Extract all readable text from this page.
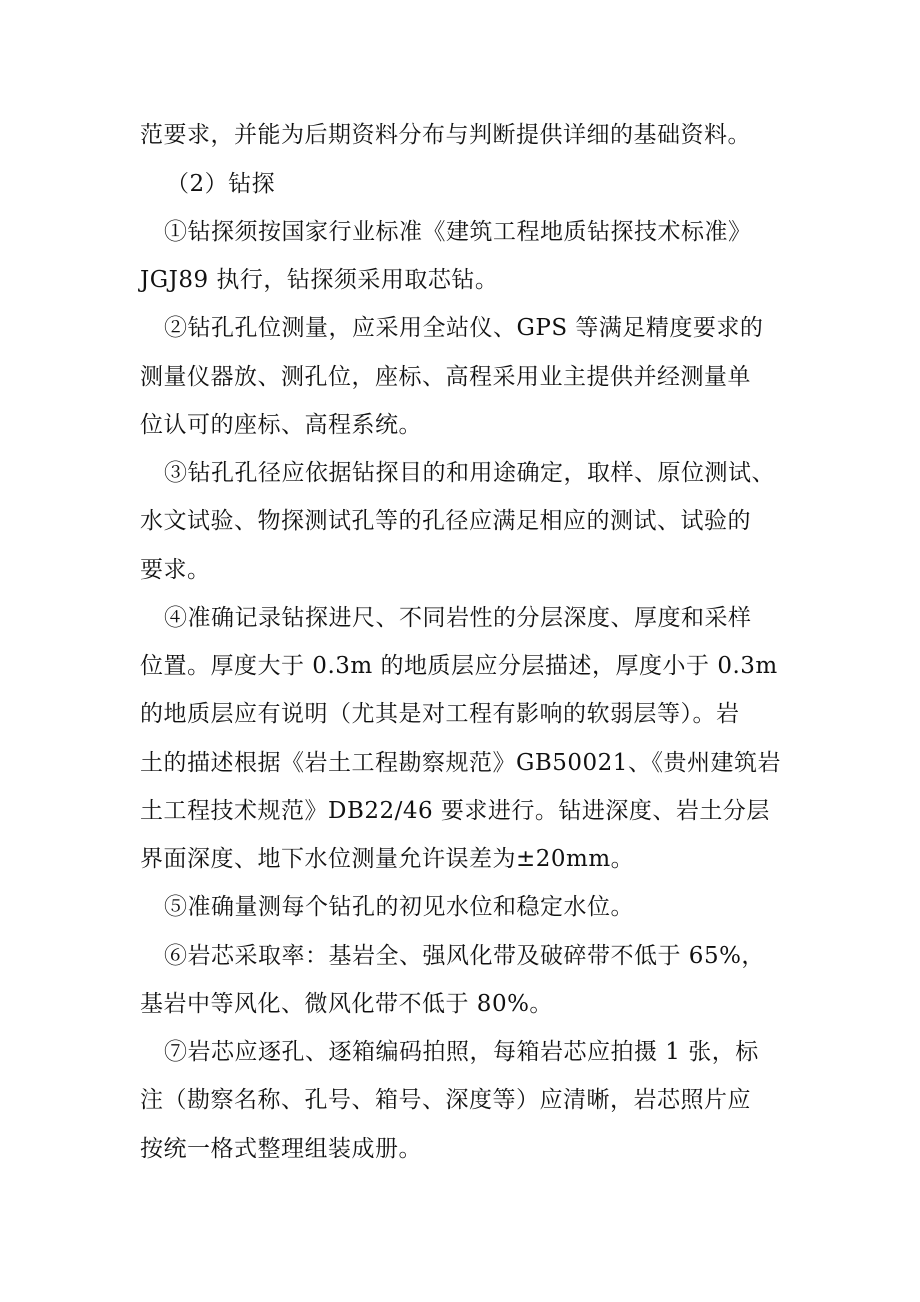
范要求，并能为后期资料分布与判断提供详细的基础资料。
（2）钻探
①钻探须按国家行业标准《建筑工程地质钻探技术标准》
JGJ89 执行，钻探须采用取芯钻。
②钻孔孔位测量，应采用全站仪、GPS 等满足精度要求的
测量仪器放、测孔位，座标、高程采用业主提供并经测量单
位认可的座标、高程系统。
③钻孔孔径应依据钻探目的和用途确定，取样、原位测试、
水文试验、物探测试孔等的孔径应满足相应的测试、试验的
要求。
④准确记录钻探进尺、不同岩性的分层深度、厚度和采样
位置。厚度大于 0.3m 的地质层应分层描述，厚度小于 0.3m
的地质层应有说明（尤其是对工程有影响的软弱层等）。岩
土的描述根据《岩土工程勘察规范》GB50021、《贵州建筑岩
土工程技术规范》DB22/46 要求进行。钻进深度、岩土分层
界面深度、地下水位测量允许误差为±20mm。
⑤准确量测每个钻孔的初见水位和稳定水位。
⑥岩芯采取率：基岩全、强风化带及破碎带不低于 65%，
基岩中等风化、微风化带不低于 80%。
⑦岩芯应逐孔、逐箱编码拍照，每箱岩芯应拍摄 1 张，标
注（勘察名称、孔号、箱号、深度等）应清晰，岩芯照片应
按统一格式整理组装成册。
